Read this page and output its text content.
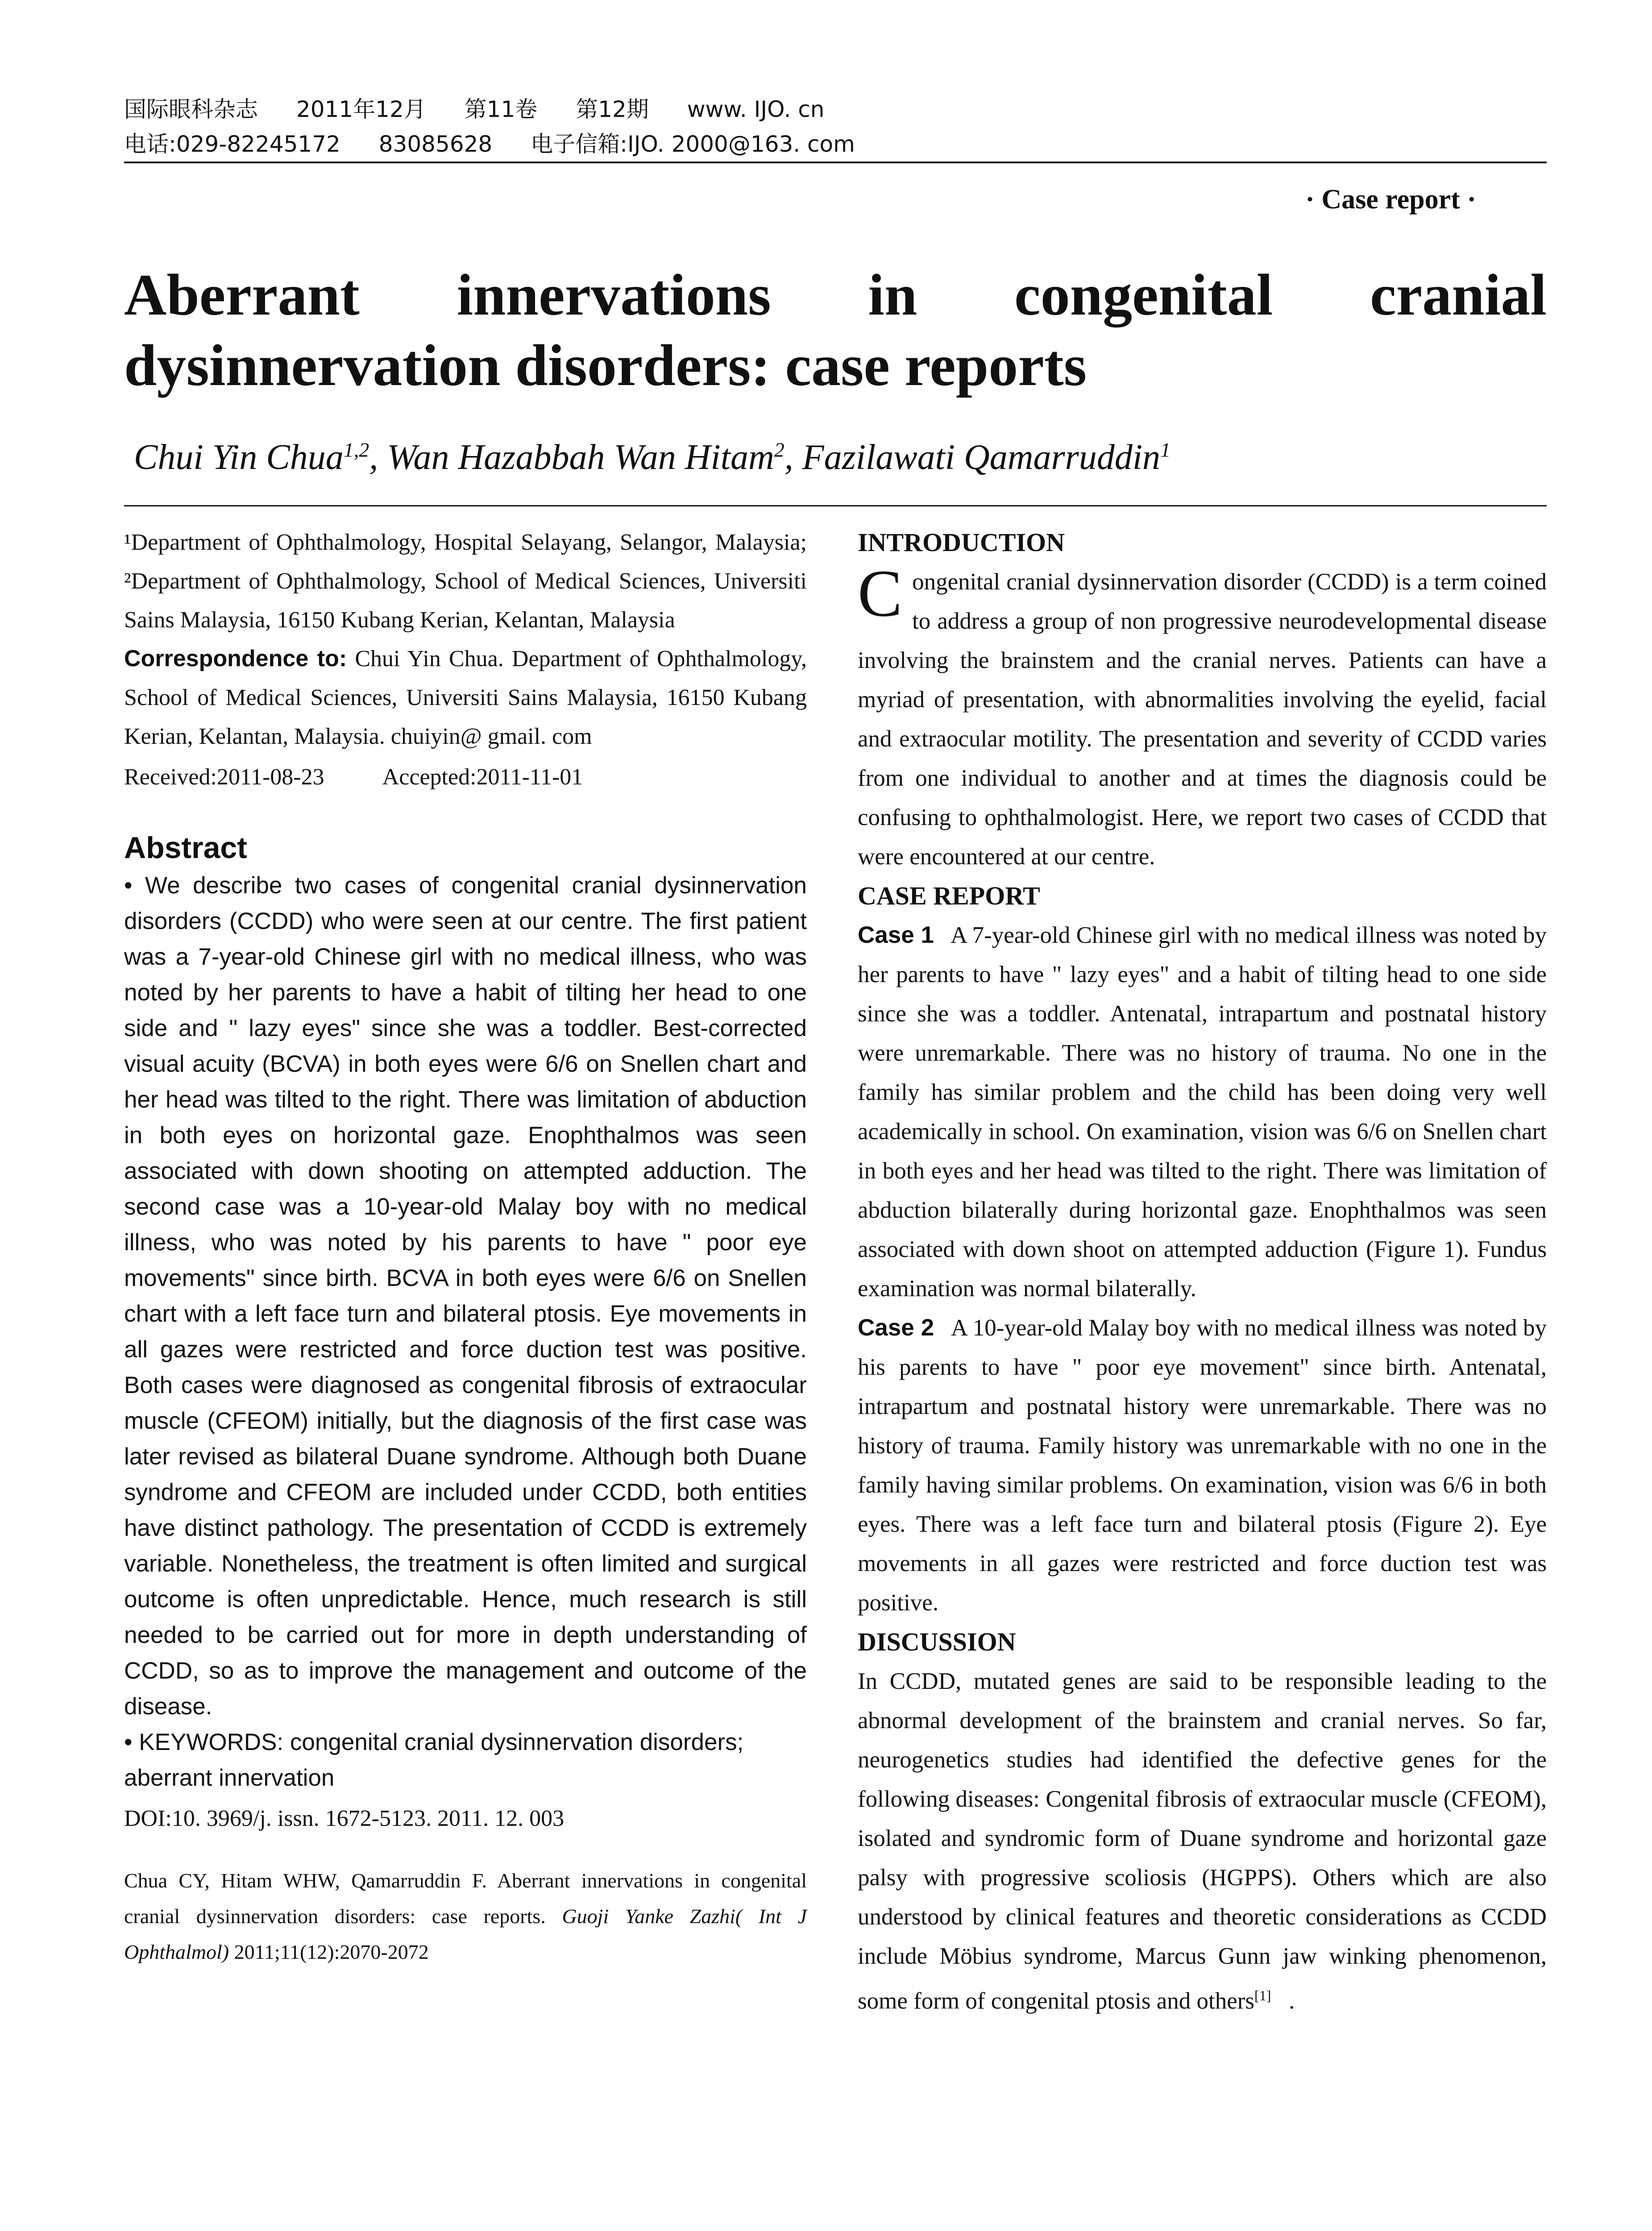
国际眼科杂志 2011年12月 第11卷 第12期 www. IJO. cn
电话:029-82245172 83085628 电子信箱:IJO. 2000@163. com
· Case report ·
Aberrant innervations in congenital cranial
dysinnervation disorders: case reports
Chui Yin Chua$^{1,2}$, Wan Hazabbah Wan Hitam$^2$, Fazilawati Qamarruddin$^1$
¹Department of Ophthalmology, Hospital Selayang, Selangor, Malaysia; ²Department of Ophthalmology, School of Medical Sciences, Universiti Sains Malaysia, 16150 Kubang Kerian, Kelantan, Malaysia
Correspondence to: Chui Yin Chua. Department of Ophthalmology, School of Medical Sciences, Universiti Sains Malaysia, 16150 Kubang Kerian, Kelantan, Malaysia. chuiyin@ gmail. com
Received:2011-08-23	Accepted:2011-11-01
Abstract
• We describe two cases of congenital cranial dysinnervation disorders (CCDD) who were seen at our centre. The first patient was a 7-year-old Chinese girl with no medical illness, who was noted by her parents to have a habit of tilting her head to one side and " lazy eyes" since she was a toddler. Best-corrected visual acuity (BCVA) in both eyes were 6/6 on Snellen chart and her head was tilted to the right. There was limitation of abduction in both eyes on horizontal gaze. Enophthalmos was seen associated with down shooting on attempted adduction. The second case was a 10-year-old Malay boy with no medical illness, who was noted by his parents to have " poor eye movements" since birth. BCVA in both eyes were 6/6 on Snellen chart with a left face turn and bilateral ptosis. Eye movements in all gazes were restricted and force duction test was positive. Both cases were diagnosed as congenital fibrosis of extraocular muscle (CFEOM) initially, but the diagnosis of the first case was later revised as bilateral Duane syndrome. Although both Duane syndrome and CFEOM are included under CCDD, both entities have distinct pathology. The presentation of CCDD is extremely variable. Nonetheless, the treatment is often limited and surgical outcome is often unpredictable. Hence, much research is still needed to be carried out for more in depth understanding of CCDD, so as to improve the management and outcome of the disease.
• KEYWORDS: congenital cranial dysinnervation disorders; aberrant innervation
DOI:10. 3969/j. issn. 1672-5123. 2011. 12. 003
Chua CY, Hitam WHW, Qamarruddin F. Aberrant innervations in congenital cranial dysinnervation disorders: case reports. Guoji Yanke Zazhi( Int J Ophthalmol) 2011;11(12):2070-2072
INTRODUCTION
Congenital cranial dysinnervation disorder (CCDD) is a term coined to address a group of non progressive neurodevelopmental disease involving the brainstem and the cranial nerves. Patients can have a myriad of presentation, with abnormalities involving the eyelid, facial and extraocular motility. The presentation and severity of CCDD varies from one individual to another and at times the diagnosis could be confusing to ophthalmologist. Here, we report two cases of CCDD that were encountered at our centre.
CASE REPORT
Case 1 A 7-year-old Chinese girl with no medical illness was noted by her parents to have " lazy eyes" and a habit of tilting head to one side since she was a toddler. Antenatal, intrapartum and postnatal history were unremarkable. There was no history of trauma. No one in the family has similar problem and the child has been doing very well academically in school. On examination, vision was 6/6 on Snellen chart in both eyes and her head was tilted to the right. There was limitation of abduction bilaterally during horizontal gaze. Enophthalmos was seen associated with down shoot on attempted adduction (Figure 1). Fundus examination was normal bilaterally.
Case 2 A 10-year-old Malay boy with no medical illness was noted by his parents to have " poor eye movement" since birth. Antenatal, intrapartum and postnatal history were unremarkable. There was no history of trauma. Family history was unremarkable with no one in the family having similar problems. On examination, vision was 6/6 in both eyes. There was a left face turn and bilateral ptosis (Figure 2). Eye movements in all gazes were restricted and force duction test was positive.
DISCUSSION
In CCDD, mutated genes are said to be responsible leading to the abnormal development of the brainstem and cranial nerves. So far, neurogenetics studies had identified the defective genes for the following diseases: Congenital fibrosis of extraocular muscle (CFEOM), isolated and syndromic form of Duane syndrome and horizontal gaze palsy with progressive scoliosis (HGPPS). Others which are also understood by clinical features and theoretic considerations as CCDD include Möbius syndrome, Marcus Gunn jaw winking phenomenon, some form of congenital ptosis and others[1] .
